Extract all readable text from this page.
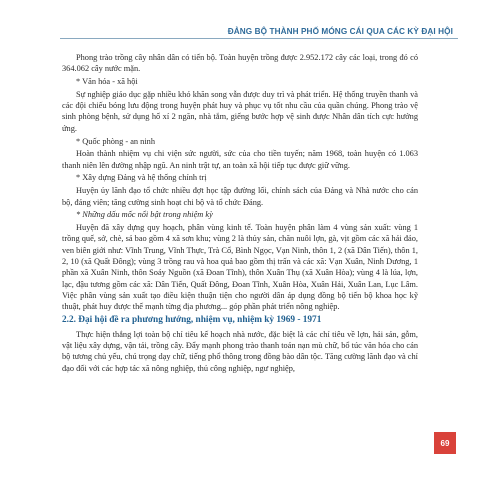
ĐẢNG BỘ THÀNH PHỐ MÓNG CÁI QUA CÁC KỲ ĐẠI HỘI

Phong trào trồng cây nhân dân có tiến bộ. Toàn huyện trồng được 2.952.172 cây các loại, trong đó có 364.062 cây nước mặn.

* Văn hóa - xã hội

Sự nghiệp giáo dục gặp nhiều khó khăn song vẫn được duy trì và phát triển. Hệ thống truyền thanh và các đội chiếu bóng lưu động trong huyện phát huy và phục vụ tốt nhu cầu của quần chúng. Phong trào vệ sinh phòng bệnh, sử dụng hố xí 2 ngăn, nhà tắm, giếng bước hợp vệ sinh được Nhân dân tích cực hưởng ứng.

* Quốc phòng - an ninh

Hoàn thành nhiệm vụ chi viện sức người, sức của cho tiền tuyến; năm 1968, toàn huyện có 1.063 thanh niên lên đường nhập ngũ. An ninh trật tự, an toàn xã hội tiếp tục được giữ vững.

* Xây dựng Đảng và hệ thống chính trị

Huyện ủy lãnh đạo tổ chức nhiều đợt học tập đường lối, chính sách của Đảng và Nhà nước cho cán bộ, đảng viên; tăng cường sinh hoạt chi bộ và tổ chức Đảng.

* Những dấu mốc nổi bật trong nhiệm kỳ

Huyện đã xây dựng quy hoạch, phân vùng kinh tế. Toàn huyện phân làm 4 vùng sản xuất: vùng 1 trồng quế, sở, chè, sả bao gồm 4 xã sơn khu; vùng 2 là thủy sản, chăn nuôi lợn, gà, vịt gồm các xã hải đảo, ven biên giới như: Vĩnh Trung, Vĩnh Thực, Trà Cổ, Bình Ngọc, Vạn Ninh, thôn 1, 2 (xã Dân Tiến), thôn 1, 2, 10 (xã Quất Đông); vùng 3 trồng rau và hoa quả bao gồm thị trấn và các xã: Vạn Xuân, Ninh Dương, 1 phần xã Xuân Ninh, thôn Soáy Nguồn (xã Đoan Tĩnh), thôn Xuân Thụ (xã Xuân Hòa); vùng 4 là lúa, lợn, lạc, đậu tương gồm các xã: Dân Tiến, Quất Đông, Đoan Tĩnh, Xuân Hòa, Xuân Hải, Xuân Lan, Lục Lâm. Việc phân vùng sản xuất tạo điều kiện thuận tiện cho người dân áp dụng đồng bộ tiến bộ khoa học kỹ thuật, phát huy được thế mạnh từng địa phương... góp phần phát triển nông nghiệp.

2.2. Đại hội đề ra phương hướng, nhiệm vụ, nhiệm kỳ 1969 - 1971

Thực hiện thắng lợi toàn bộ chỉ tiêu kế hoạch nhà nước, đặc biệt là các chỉ tiêu về lợn, hải sản, gỗm, vật liệu xây dựng, vận tải, trồng cây. Đẩy mạnh phong trào thanh toán nạn mù chữ, bổ túc văn hóa cho cán bộ tương chủ yếu, chú trọng dạy chữ, tiếng phổ thông trong đồng bào dân tộc. Tăng cường lãnh đạo và chỉ đạo đối với các hợp tác xã nông nghiệp, thủ công nghiệp, ngư nghiệp,

69
